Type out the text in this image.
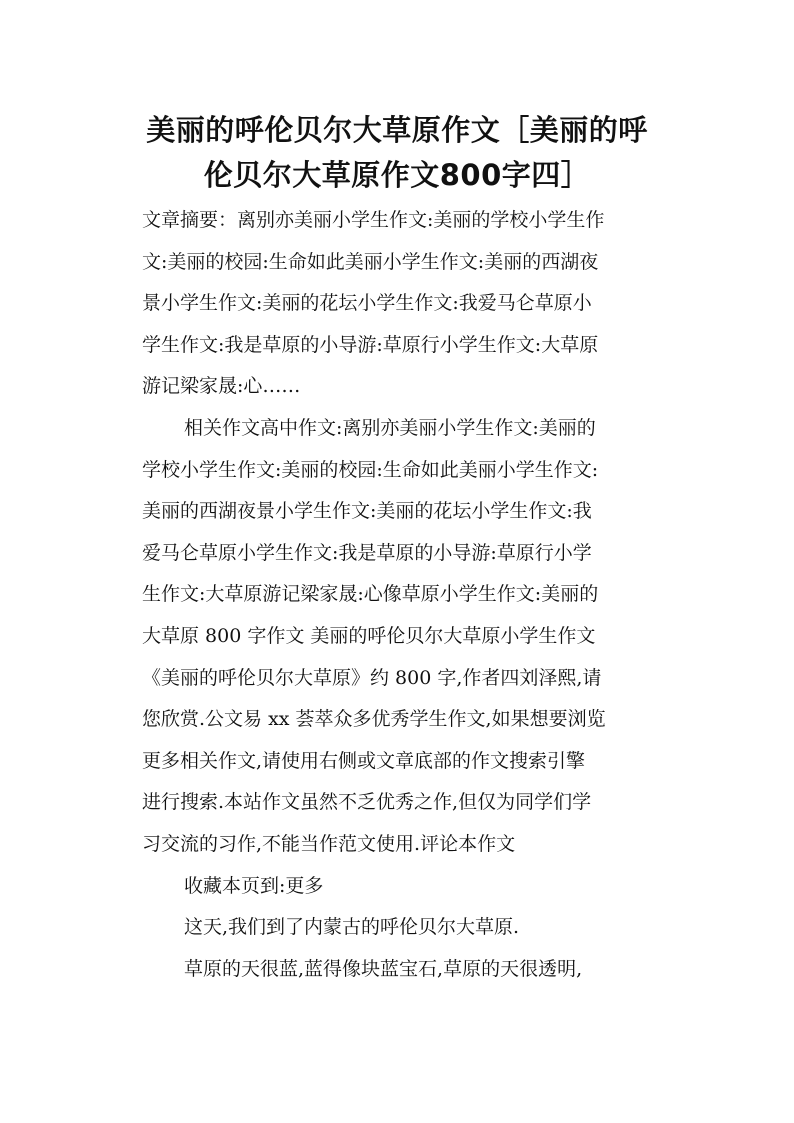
美丽的呼伦贝尔大草原作文［美丽的呼
伦贝尔大草原作文800字四］
文章摘要：离别亦美丽小学生作文:美丽的学校小学生作
文:美丽的校园:生命如此美丽小学生作文:美丽的西湖夜
景小学生作文:美丽的花坛小学生作文:我爱马仑草原小
学生作文:我是草原的小导游:草原行小学生作文:大草原
游记梁家晟:心……
相关作文高中作文:离别亦美丽小学生作文:美丽的
学校小学生作文:美丽的校园:生命如此美丽小学生作文:
美丽的西湖夜景小学生作文:美丽的花坛小学生作文:我
爱马仑草原小学生作文:我是草原的小导游:草原行小学
生作文:大草原游记梁家晟:心像草原小学生作文:美丽的
大草原 800 字作文 美丽的呼伦贝尔大草原小学生作文
《美丽的呼伦贝尔大草原》约 800 字,作者四刘泽熙,请
您欣赏.公文易 xx 荟萃众多优秀学生作文,如果想要浏览
更多相关作文,请使用右侧或文章底部的作文搜索引擎
进行搜索.本站作文虽然不乏优秀之作,但仅为同学们学
习交流的习作,不能当作范文使用.评论本作文
收藏本页到:更多
这天,我们到了内蒙古的呼伦贝尔大草原.
草原的天很蓝,蓝得像块蓝宝石,草原的天很透明,
